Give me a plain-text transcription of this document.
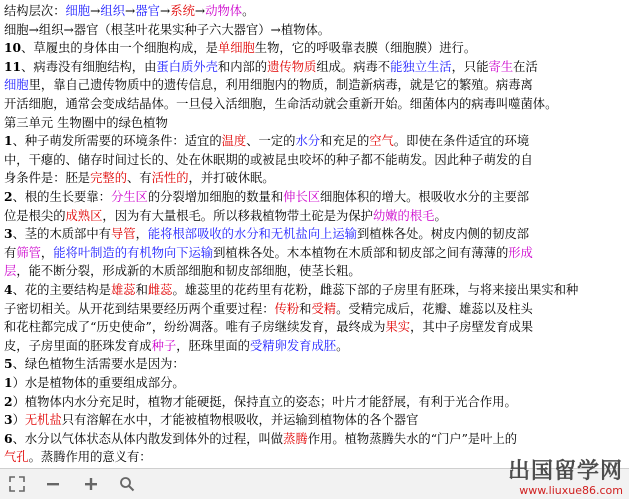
结构层次：细胞→组织→器官→系统→动物体。
细胞→组织→器官（根茎叶花果实种子六大器官）→植物体。
10、草履虫的身体由一个细胞构成，是单细胞生物，它的呼吸靠表膜（细胞膜）进行。
11、病毒没有细胞结构，由蛋白质外壳和内部的遗传物质组成。病毒不能独立生活，只能寄生在活
细胞里，靠自己遗传物质中的遗传信息，利用细胞内的物质，制造新病毒，就是它的繁殖。病毒离
开活细胞，通常会变成结晶体。一旦侵入活细胞，生命活动就会重新开始。细菌体内的病毒叫噬菌体。
第三单元 生物圈中的绿色植物
1、种子萌发所需要的环境条件：适宜的温度、一定的水分和充足的空气。即使在条件适宜的环境
中，干瘪的、储存时间过长的、处在休眠期的或被昆虫咬坏的种子都不能萌发。因此种子萌发的自
身条件是：胚是完整的、有活性的，并打破休眠。
2、根的生长要靠：分生区的分裂增加细胞的数量和伸长区细胞体积的增大。根吸收水分的主要部
位是根尖的成熟区，因为有大量根毛。所以移栽植物带土砣是为保护幼嫩的根毛。
3、茎的木质部中有导管，能将根部吸收的水分和无机盐向上运输到植株各处。树皮内侧的韧皮部
有筛管，能将叶制造的有机物向下运输到植株各处。木本植物在木质部和韧皮部之间有薄薄的形成
层，能不断分裂，形成新的木质部细胞和韧皮部细胞，使茎长粗。
4、花的主要结构是雄蕊和雌蕊。雄蕊里的花药里有花粉，雌蕊下部的子房里有胚珠，与将来接出果实和种
子密切相关。从开花到结果要经历两个重要过程：传粉和受精。受精完成后，花瓣、雄蕊以及柱头
和花柱都完成了“历史使命”，纷纷凋落。唯有子房继续发育，最终成为果实，其中子房壁发育成果
皮，子房里面的胚珠发育成种子，胚珠里面的受精卵发育成胚。
5、绿色植物生活需要水是因为：
1）水是植物体的重要组成部分。
2）植物体内水分充足时，植物才能硬挺，保持直立的姿态；叶片才能舒展，有利于光合作用。
3）无机盐只有溶解在水中，才能被植物根吸收，并运输到植物体的各个器官
6、水分以气体状态从体内散发到体外的过程，叫做蒸腾作用。植物蒸腾失水的“门户”是叶上的
气孔。蒸腾作用的意义有：
出国留学网
www.liuxue86.com
